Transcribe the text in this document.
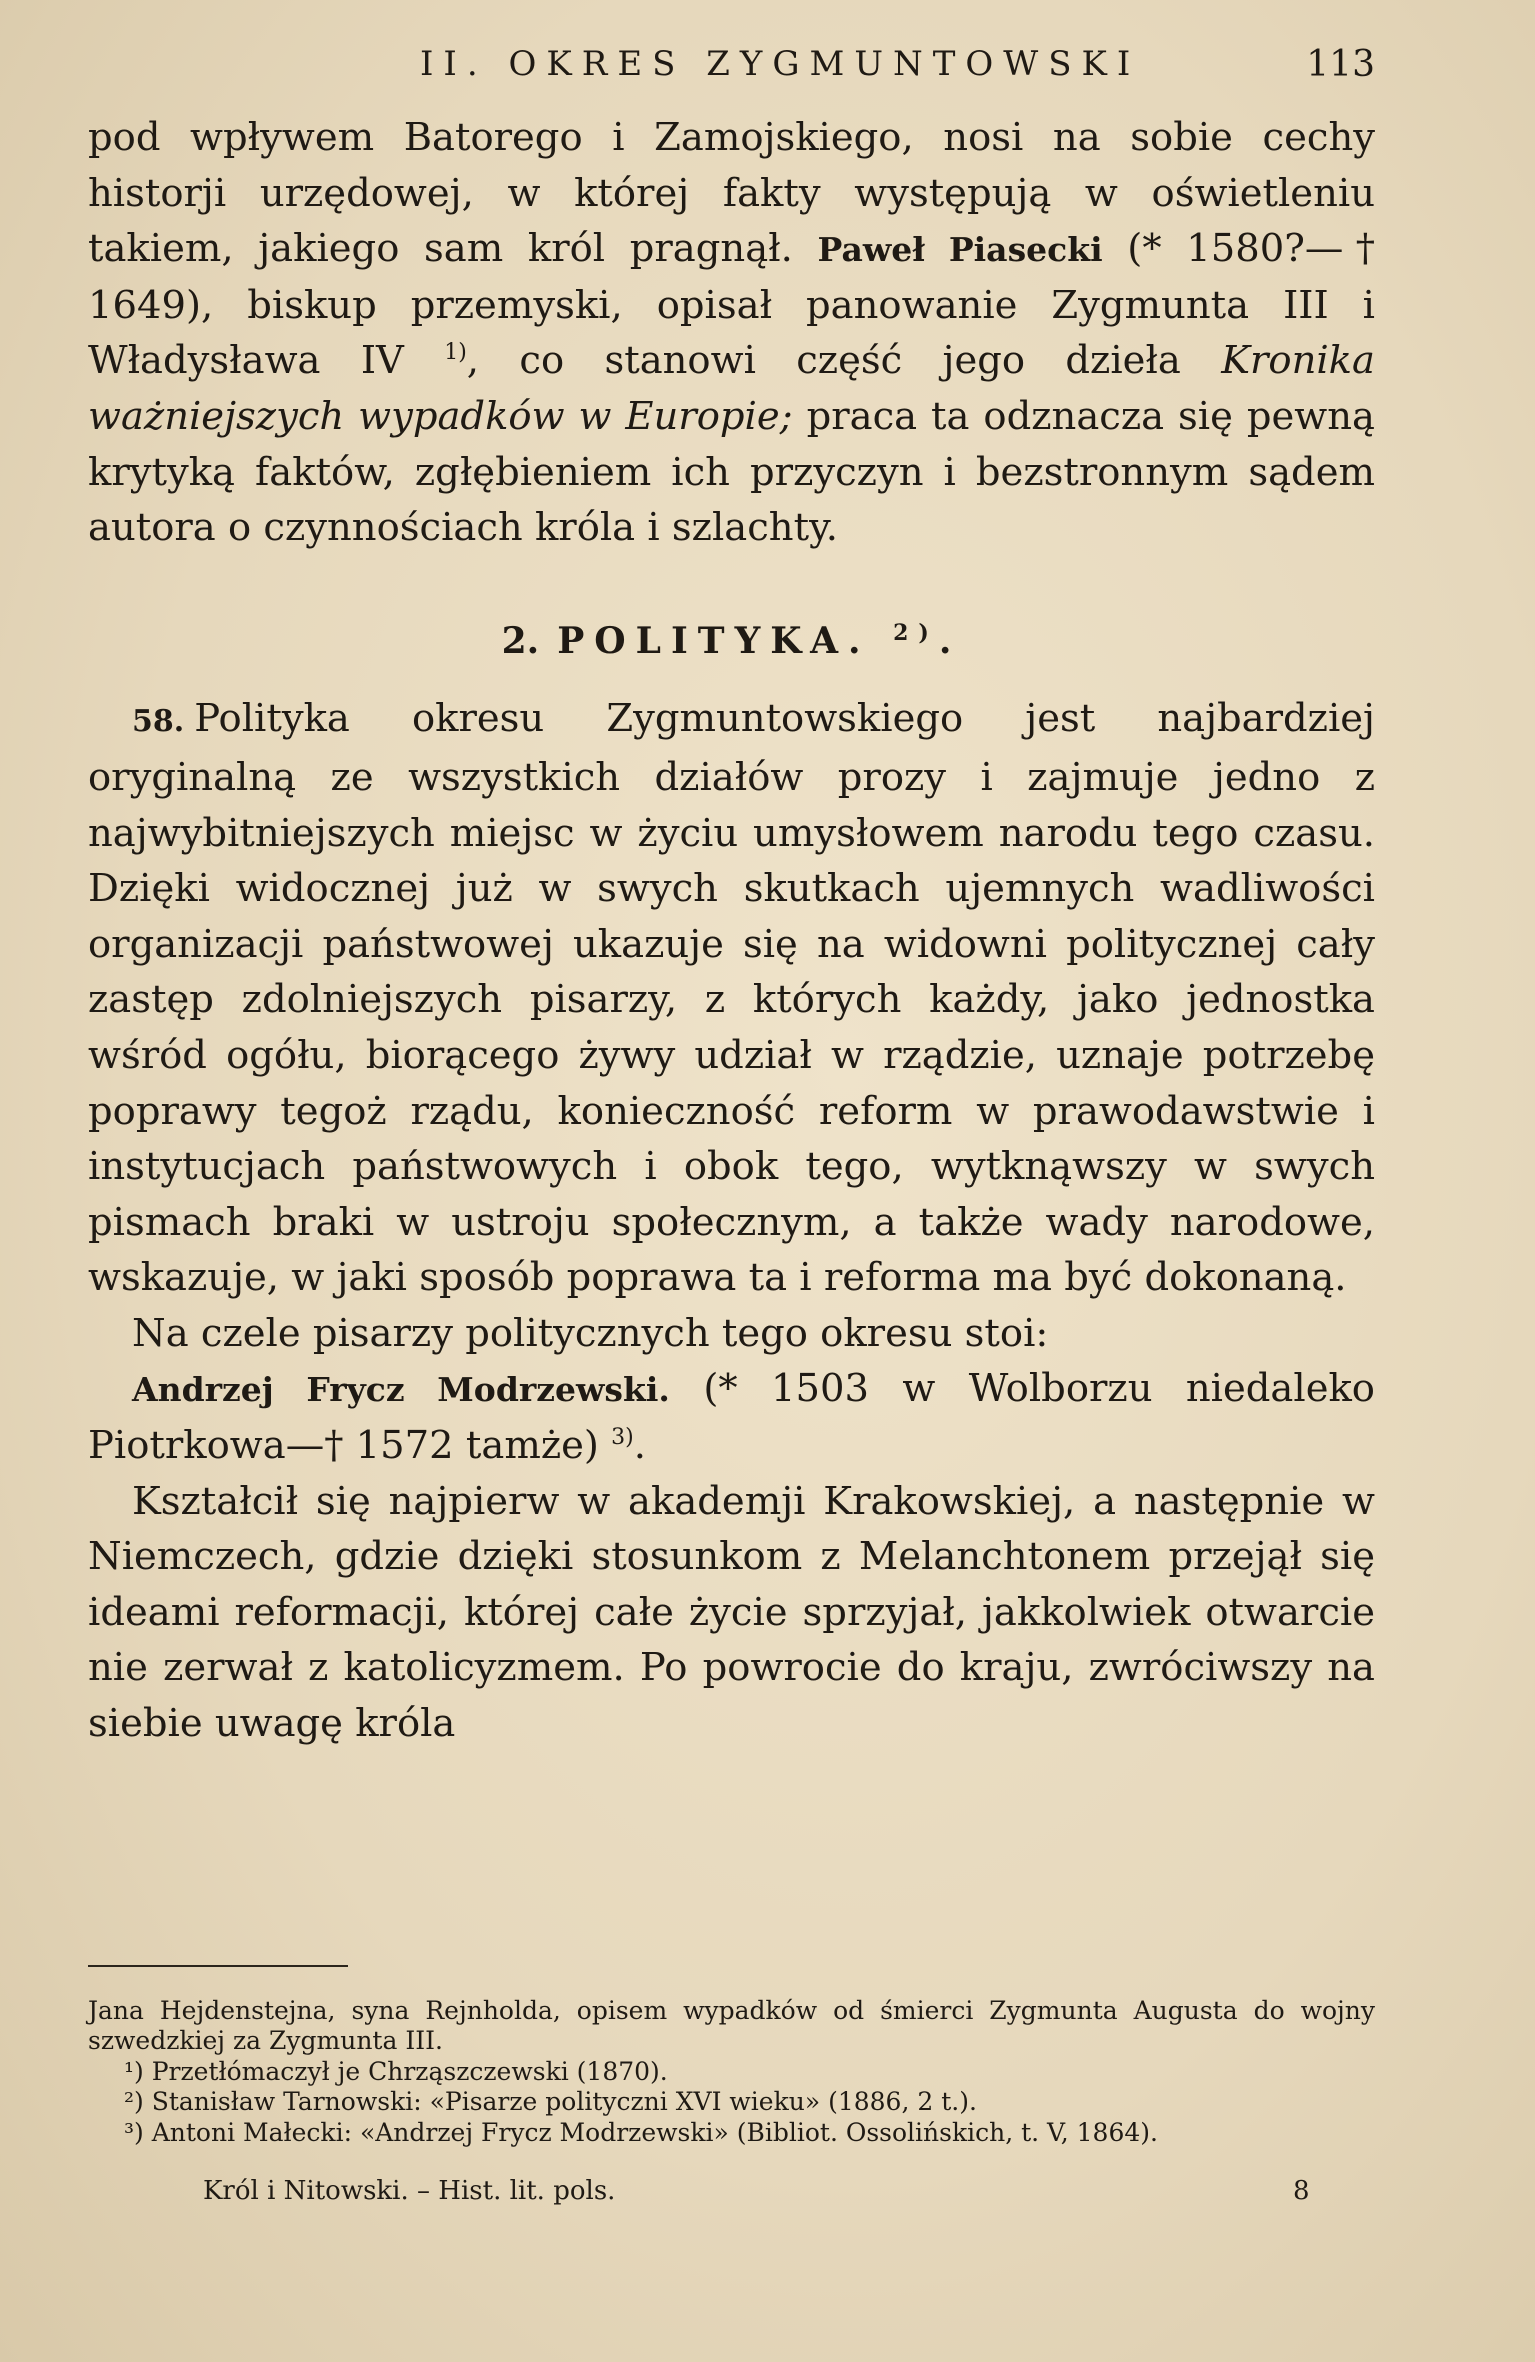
II. OKRES ZYGMUNTOWSKI	113

pod wpływem Batorego i Zamojskiego, nosi na sobie cechy historji urzędowej, w której fakty występują w oświetleniu takiem, jakiego sam król pragnął. Paweł Piasecki (* 1580?—† 1649), biskup przemyski, opisał panowanie Zygmunta III i Władysława IV $^{1)}$, co stanowi część jego dzieła Kronika ważniejszych wypadków w Europie; praca ta odznacza się pewną krytyką faktów, zgłębieniem ich przyczyn i bezstronnym sądem autora o czynnościach króla i szlachty.

2. POLITYKA. $^{2)}$.

58. Polityka okresu Zygmuntowskiego jest najbardziej oryginalną ze wszystkich działów prozy i zajmuje jedno z najwybitniejszych miejsc w życiu umysłowem narodu tego czasu. Dzięki widocznej już w swych skutkach ujemnych wadliwości organizacji państwowej ukazuje się na widowni politycznej cały zastęp zdolniejszych pisarzy, z których każdy, jako jednostka wśród ogółu, biorącego żywy udział w rządzie, uznaje potrzebę poprawy tegoż rządu, konieczność reform w prawodawstwie i instytucjach państwowych i obok tego, wytknąwszy w swych pismach braki w ustroju społecznym, a także wady narodowe, wskazuje, w jaki sposób poprawa ta i reforma ma być dokonaną.

Na czele pisarzy politycznych tego okresu stoi:

Andrzej Frycz Modrzewski. (* 1503 w Wolborzu niedaleko Piotrkowa—† 1572 tamże) $^{3)}$.

Kształcił się najpierw w akademji Krakowskiej, a następnie w Niemczech, gdzie dzięki stosunkom z Melanchtonem przejął się ideami reformacji, której całe życie sprzyjał, jakkolwiek otwarcie nie zerwał z katolicyzmem. Po powrocie do kraju, zwróciwszy na siebie uwagę króla

Jana Hejdenstejna, syna Rejnholda, opisem wypadków od śmierci Zygmunta Augusta do wojny szwedzkiej za Zygmunta III.

¹) Przetłómaczył je Chrząszczewski (1870).

²) Stanisław Tarnowski: «Pisarze polityczni XVI wieku» (1886, 2 t.).

³) Antoni Małecki: «Andrzej Frycz Modrzewski» (Bibliot. Ossolińskich, t. V, 1864).

Król i Nitowski. – Hist. lit. pols.	8
